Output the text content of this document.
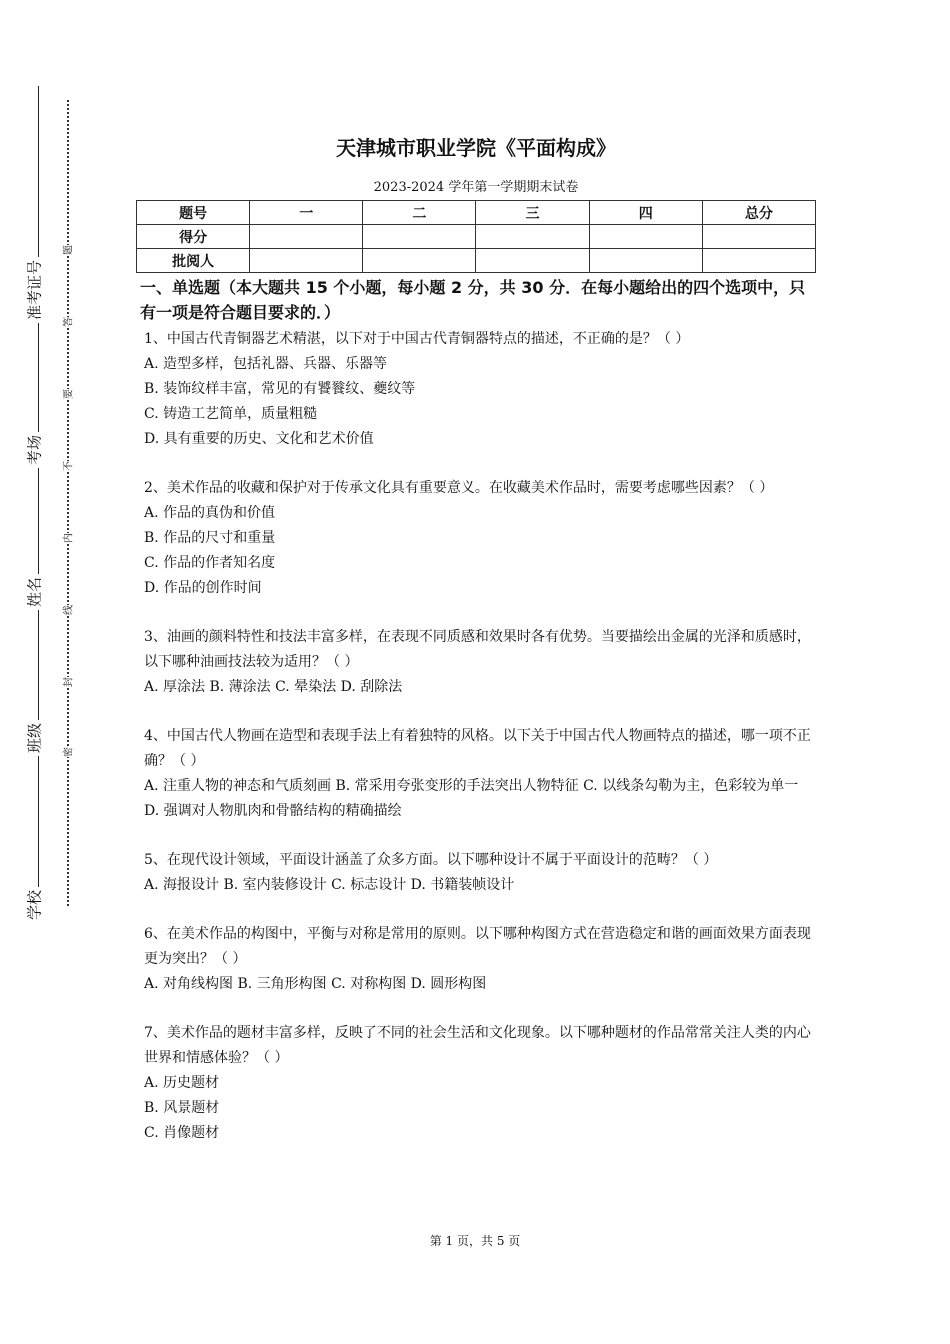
学校
班级
姓名
考场
准考证号
密
封
线
内
不
要
答
题
天津城市职业学院《平面构成》
2023-2024 学年第一学期期末试卷
题号	一	二	三	四	总分
得分					
批阅人					
一、单选题（本大题共 15 个小题，每小题 2 分，共 30 分．在每小题给出的四个选项中，只有一项是符合题目要求的．）

1、中国古代青铜器艺术精湛，以下对于中国古代青铜器特点的描述，不正确的是？（ ）

A. 造型多样，包括礼器、兵器、乐器等

B. 装饰纹样丰富，常见的有饕餮纹、夔纹等

C. 铸造工艺简单，质量粗糙

D. 具有重要的历史、文化和艺术价值

2、美术作品的收藏和保护对于传承文化具有重要意义。在收藏美术作品时，需要考虑哪些因素？（ ）

A. 作品的真伪和价值

B. 作品的尺寸和重量

C. 作品的作者知名度

D. 作品的创作时间

3、油画的颜料特性和技法丰富多样，在表现不同质感和效果时各有优势。当要描绘出金属的光泽和质感时，以下哪种油画技法较为适用？（ ）

A. 厚涂法 B. 薄涂法 C. 晕染法 D. 刮除法

4、中国古代人物画在造型和表现手法上有着独特的风格。以下关于中国古代人物画特点的描述，哪一项不正确？（ ）

A. 注重人物的神态和气质刻画 B. 常采用夸张变形的手法突出人物特征 C. 以线条勾勒为主，色彩较为单一 D. 强调对人物肌肉和骨骼结构的精确描绘

5、在现代设计领域，平面设计涵盖了众多方面。以下哪种设计不属于平面设计的范畴？（ ）

A. 海报设计 B. 室内装修设计 C. 标志设计 D. 书籍装帧设计

6、在美术作品的构图中，平衡与对称是常用的原则。以下哪种构图方式在营造稳定和谐的画面效果方面表现更为突出？（ ）

A. 对角线构图 B. 三角形构图 C. 对称构图 D. 圆形构图

7、美术作品的题材丰富多样，反映了不同的社会生活和文化现象。以下哪种题材的作品常常关注人类的内心世界和情感体验？（ ）

A. 历史题材

B. 风景题材

C. 肖像题材

第 1 页，共 5 页
